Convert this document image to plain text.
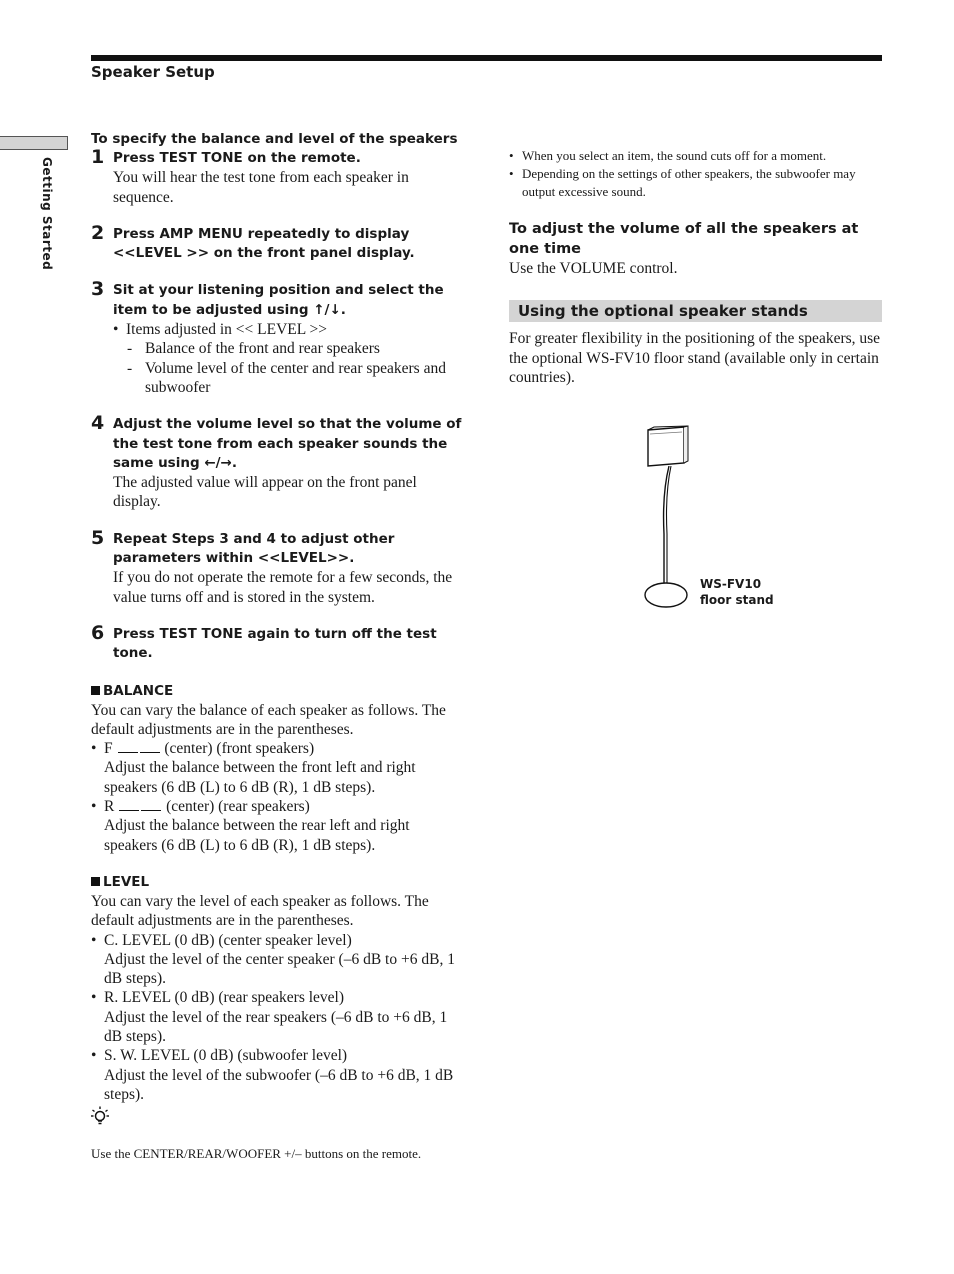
Speaker Setup
Getting Started
To specify the balance and level of the speakers
1 Press TEST TONE on the remote.
You will hear the test tone from each speaker in sequence.
2 Press AMP MENU repeatedly to display <<LEVEL >> on the front panel display.
3 Sit at your listening position and select the item to be adjusted using ↑/↓.
• Items adjusted in << LEVEL >>
- Balance of the front and rear speakers
- Volume level of the center and rear speakers and subwoofer
4 Adjust the volume level so that the volume of the test tone from each speaker sounds the same using ←/→.
The adjusted value will appear on the front panel display.
5 Repeat Steps 3 and 4 to adjust other parameters within <<LEVEL>>.
If you do not operate the remote for a few seconds, the value turns off and is stored in the system.
6 Press TEST TONE again to turn off the test tone.
BALANCE
You can vary the balance of each speaker as follows. The default adjustments are in the parentheses.
• F	(center) (front speakers)
Adjust the balance between the front left and right speakers (6 dB (L) to 6 dB (R), 1 dB steps).
• R	(center) (rear speakers)
Adjust the balance between the rear left and right speakers (6 dB (L) to 6 dB (R), 1 dB steps).
LEVEL
You can vary the level of each speaker as follows. The default adjustments are in the parentheses.
• C. LEVEL (0 dB) (center speaker level)
Adjust the level of the center speaker (–6 dB to +6 dB, 1 dB steps).
• R. LEVEL (0 dB) (rear speakers level)
Adjust the level of the rear speakers (–6 dB to +6 dB, 1 dB steps).
• S. W. LEVEL (0 dB) (subwoofer level)
Adjust the level of the subwoofer (–6 dB to +6 dB, 1 dB steps).
Use the CENTER/REAR/WOOFER +/– buttons on the remote.
• When you select an item, the sound cuts off for a moment.
• Depending on the settings of other speakers, the subwoofer may output excessive sound.
To adjust the volume of all the speakers at one time
Use the VOLUME control.
Using the optional speaker stands
For greater flexibility in the positioning of the speakers, use the optional WS-FV10 floor stand (available only in certain countries).
WS-FV10
floor stand
